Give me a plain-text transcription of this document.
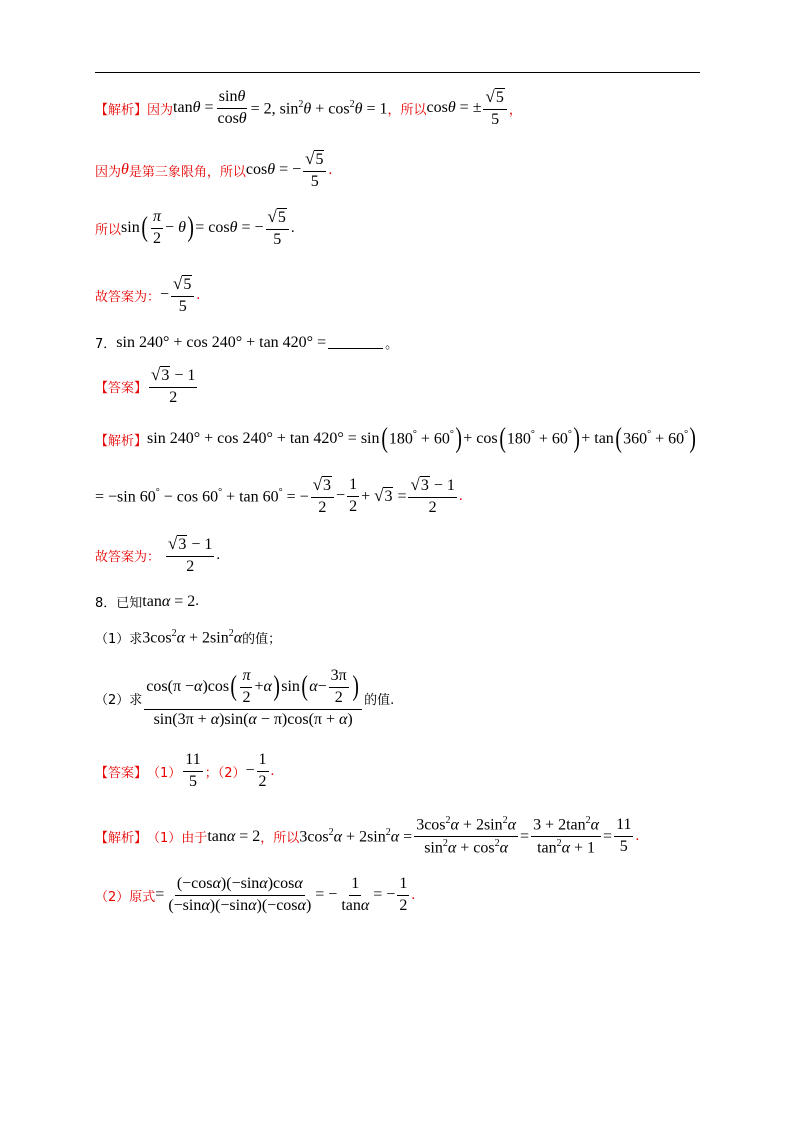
【解析】 因为 $\tan\theta = \frac{\sin\theta}{\cos\theta} = 2$, $\sin^2\theta + \cos^2\theta = 1$ ，所以 cosθ = ± $\frac{√ 5}{5}$ ，
因为 θ 是第三象限角，所以 cosθ = − $\frac{√ 5}{5}$ .
所以 sin ( $\frac{\pi}{2} - \theta$ ) = cosθ = − $\frac{√ 5}{5}$ .
故答案为： − $\frac{√ 5}{5}$ .
7． sin 240° + cos 240° + tan 420° =	。
【答案】 $\frac{√ 3 - 1}{2}$
【解析】 sin 240° + cos 240° + tan 420° = sin ( 180° + 60° ) + cos ( 180° + 60° ) + tan ( 360° + 60° )
= −sin 60° − cos 60° + tan 60° = − $\frac{√ 3}{2} - \frac{1}{2}$ + √ $3 = \frac{√ 3 - 1}{2}$ .
故答案为： $\frac{√ 3 - 1}{2}$ .
8．已知 tanα = 2 .
（1）求 $3\cos^2\alpha + 2\sin^2\alpha$ 的值；
（2）求 $\frac{\cos(\pi - \alpha )\cos ( \frac{\pi}{2} + \alpha ) \sin ( \alpha - \frac{3\pi}{2} )}{\sin(3\pi + \alpha)\sin(\alpha - \pi)\cos(\pi + \alpha)}$ 的值.
【答案】 $(1) \frac{11}{5}$ ；$(2) - \frac{1}{2}$ .
【解析】 （1） 由于 tanα = 2 ，所以 $3\cos^2\alpha + 2\sin^2\alpha = \frac{3\cos^2\alpha + 2\sin^2\alpha}{\sin^2\alpha + \cos^2\alpha} = \frac{3 + 2\tan^2\alpha}{\tan^2\alpha + 1} = \frac{11}{5}$ .
（2）原式 = $\frac{(-\cos\alpha)(-\sin\alpha)\cos\alpha}{(-\sin\alpha)(-\sin\alpha)(-\cos\alpha)}$ = − $\frac{1}{\tan\alpha}$ = − $\frac{1}{2}$ .
